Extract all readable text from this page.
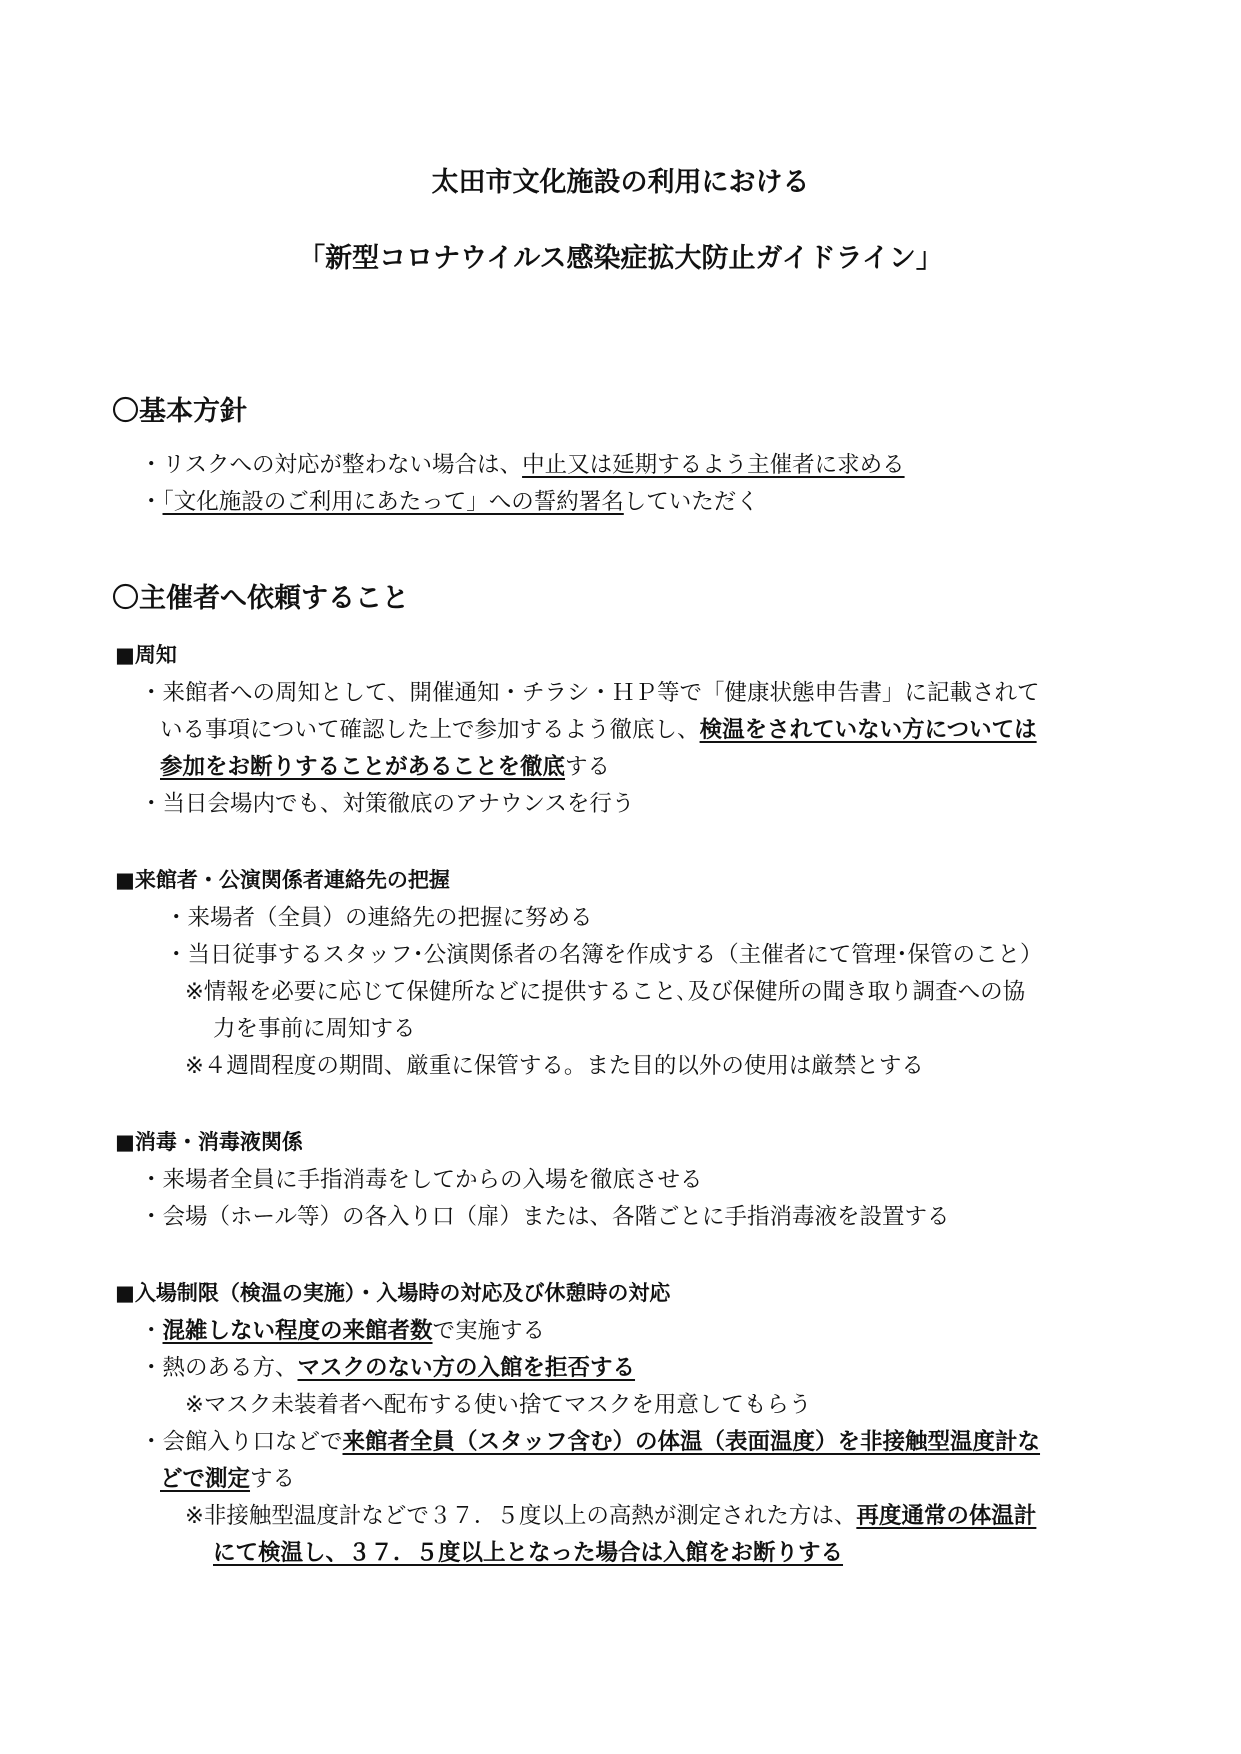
太田市文化施設の利用における
「新型コロナウイルス感染症拡大防止ガイドライン」
〇基本方針
・リスクへの対応が整わない場合は、中止又は延期するよう主催者に求める
・「文化施設のご利用にあたって」への誓約署名していただく
〇主催者へ依頼すること
■周知
・来館者への周知として、開催通知・チラシ・ＨＰ等で「健康状態申告書」に記載されて
いる事項について確認した上で参加するよう徹底し、検温をされていない方については
参加をお断りすることがあることを徹底する
・当日会場内でも、対策徹底のアナウンスを行う
■来館者・公演関係者連絡先の把握
・来場者（全員）の連絡先の把握に努める
・当日従事するスタッフ･公演関係者の名簿を作成する（主催者にて管理･保管のこと）
※情報を必要に応じて保健所などに提供すること､及び保健所の聞き取り調査への協
力を事前に周知する
※４週間程度の期間、厳重に保管する。また目的以外の使用は厳禁とする
■消毒・消毒液関係
・来場者全員に手指消毒をしてからの入場を徹底させる
・会場（ホール等）の各入り口（扉）または、各階ごとに手指消毒液を設置する
■入場制限（検温の実施）・入場時の対応及び休憩時の対応
・混雑しない程度の来館者数で実施する
・熱のある方、マスクのない方の入館を拒否する
※マスク未装着者へ配布する使い捨てマスクを用意してもらう
・会館入り口などで来館者全員（スタッフ含む）の体温（表面温度）を非接触型温度計な
どで測定する
※非接触型温度計などで３７．５度以上の高熱が測定された方は、再度通常の体温計
にて検温し、３７．５度以上となった場合は入館をお断りする
